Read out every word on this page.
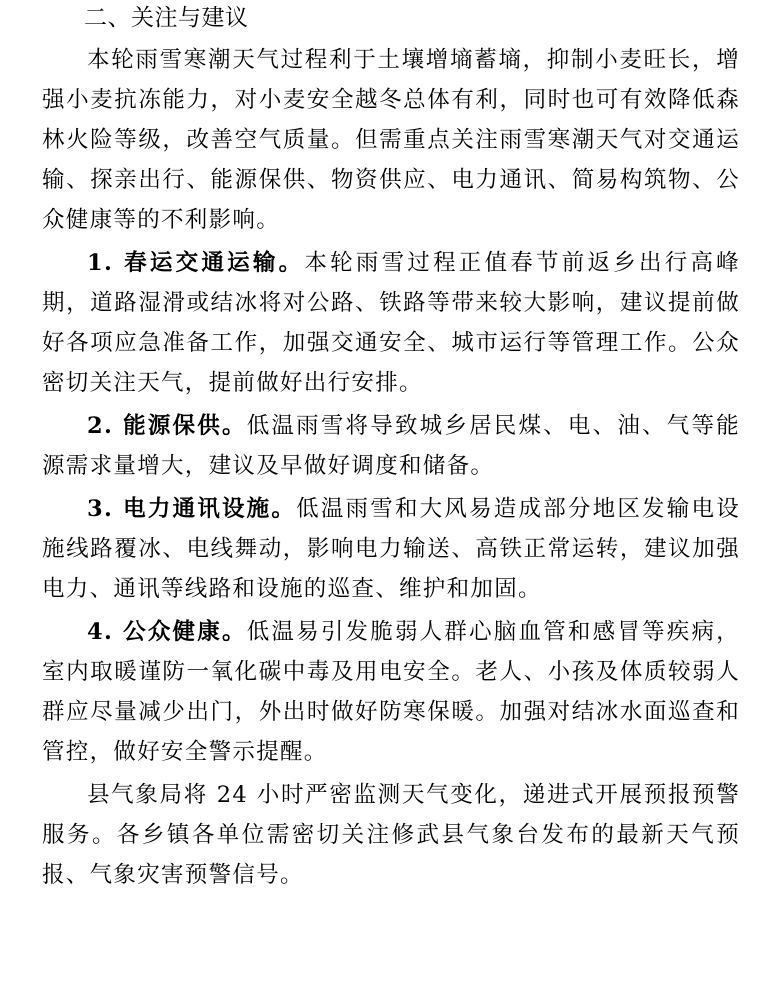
二、关注与建议

本轮雨雪寒潮天气过程利于土壤增墒蓄墒，抑制小麦旺长，增强小麦抗冻能力，对小麦安全越冬总体有利，同时也可有效降低森林火险等级，改善空气质量。但需重点关注雨雪寒潮天气对交通运输、探亲出行、能源保供、物资供应、电力通讯、简易构筑物、公众健康等的不利影响。

1. 春运交通运输。本轮雨雪过程正值春节前返乡出行高峰期，道路湿滑或结冰将对公路、铁路等带来较大影响，建议提前做好各项应急准备工作，加强交通安全、城市运行等管理工作。公众密切关注天气，提前做好出行安排。

2. 能源保供。低温雨雪将导致城乡居民煤、电、油、气等能源需求量增大，建议及早做好调度和储备。

3. 电力通讯设施。低温雨雪和大风易造成部分地区发输电设施线路覆冰、电线舞动，影响电力输送、高铁正常运转，建议加强电力、通讯等线路和设施的巡查、维护和加固。

4. 公众健康。低温易引发脆弱人群心脑血管和感冒等疾病，室内取暖谨防一氧化碳中毒及用电安全。老人、小孩及体质较弱人群应尽量减少出门，外出时做好防寒保暖。加强对结冰水面巡查和管控，做好安全警示提醒。

县气象局将 24 小时严密监测天气变化，递进式开展预报预警服务。各乡镇各单位需密切关注修武县气象台发布的最新天气预报、气象灾害预警信号。
